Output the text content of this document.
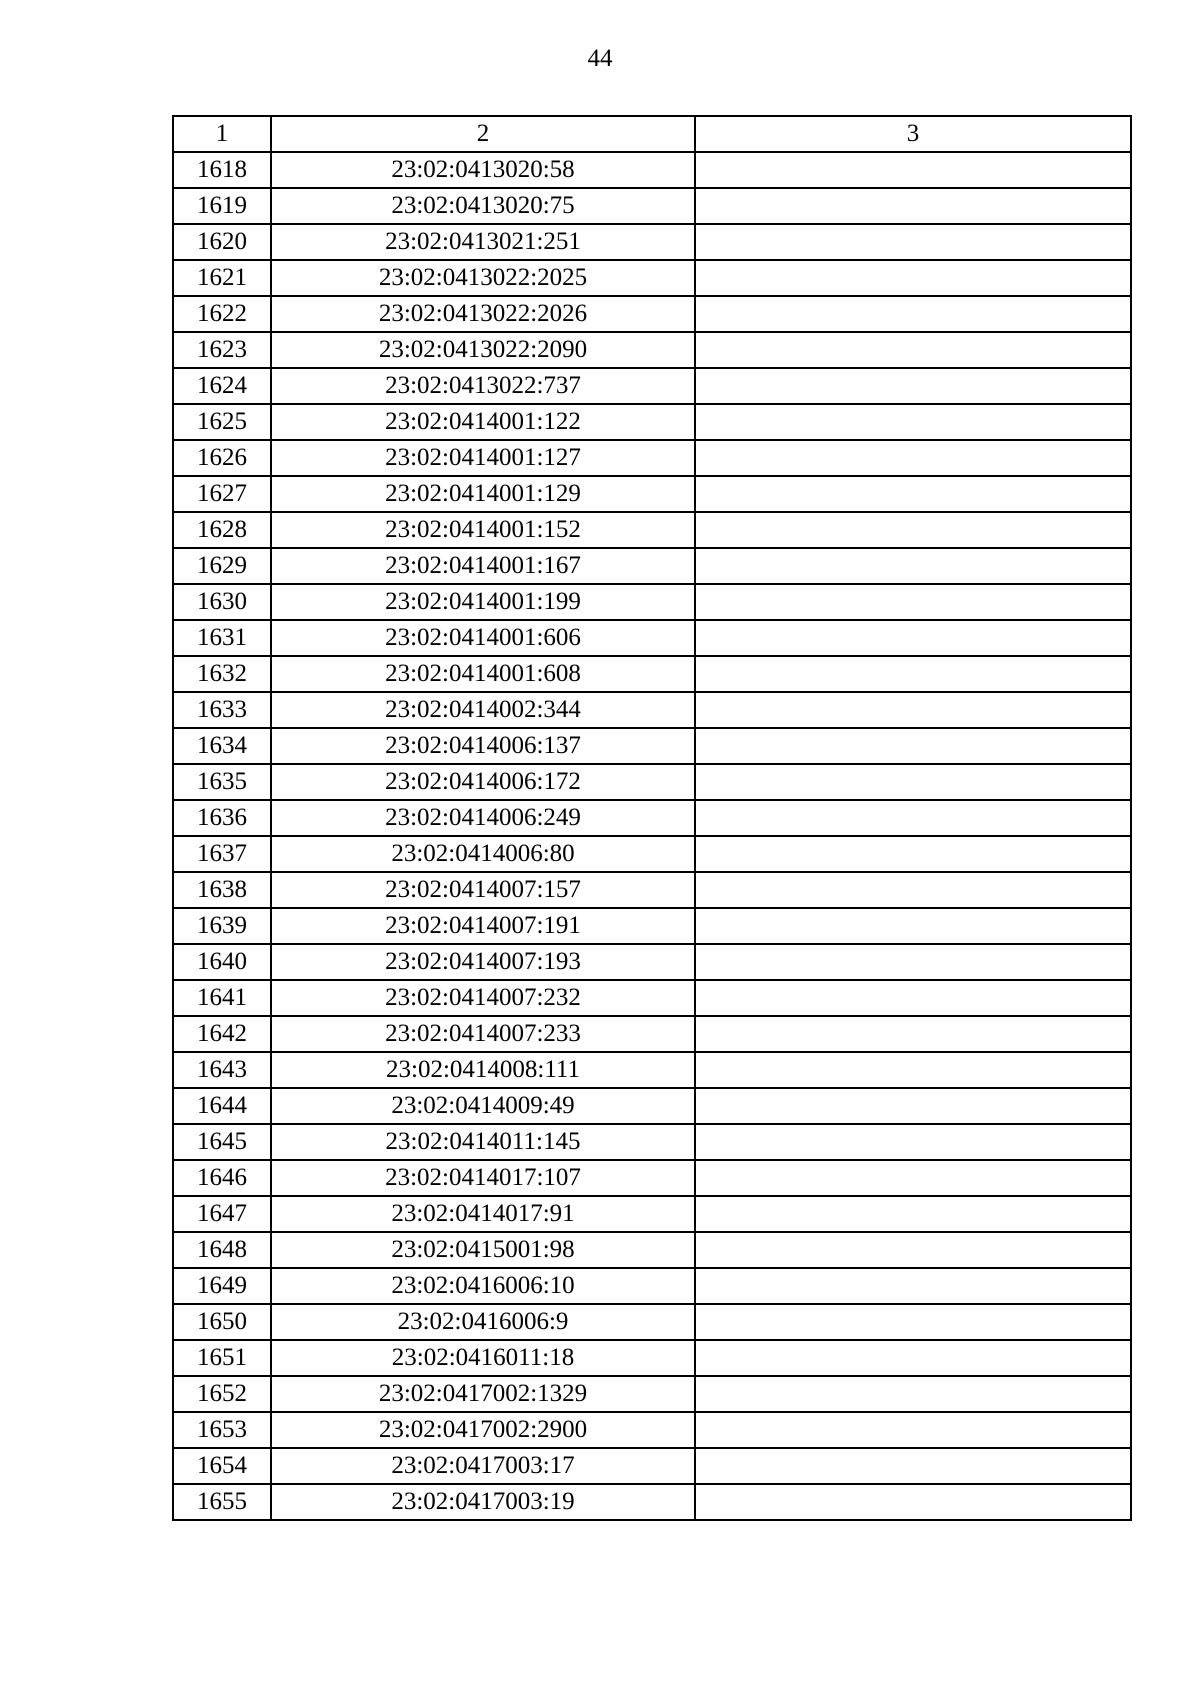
44
1	2	3
1618	23:02:0413020:58	
1619	23:02:0413020:75	
1620	23:02:0413021:251	
1621	23:02:0413022:2025	
1622	23:02:0413022:2026	
1623	23:02:0413022:2090	
1624	23:02:0413022:737	
1625	23:02:0414001:122	
1626	23:02:0414001:127	
1627	23:02:0414001:129	
1628	23:02:0414001:152	
1629	23:02:0414001:167	
1630	23:02:0414001:199	
1631	23:02:0414001:606	
1632	23:02:0414001:608	
1633	23:02:0414002:344	
1634	23:02:0414006:137	
1635	23:02:0414006:172	
1636	23:02:0414006:249	
1637	23:02:0414006:80	
1638	23:02:0414007:157	
1639	23:02:0414007:191	
1640	23:02:0414007:193	
1641	23:02:0414007:232	
1642	23:02:0414007:233	
1643	23:02:0414008:111	
1644	23:02:0414009:49	
1645	23:02:0414011:145	
1646	23:02:0414017:107	
1647	23:02:0414017:91	
1648	23:02:0415001:98	
1649	23:02:0416006:10	
1650	23:02:0416006:9	
1651	23:02:0416011:18	
1652	23:02:0417002:1329	
1653	23:02:0417002:2900	
1654	23:02:0417003:17	
1655	23:02:0417003:19	
